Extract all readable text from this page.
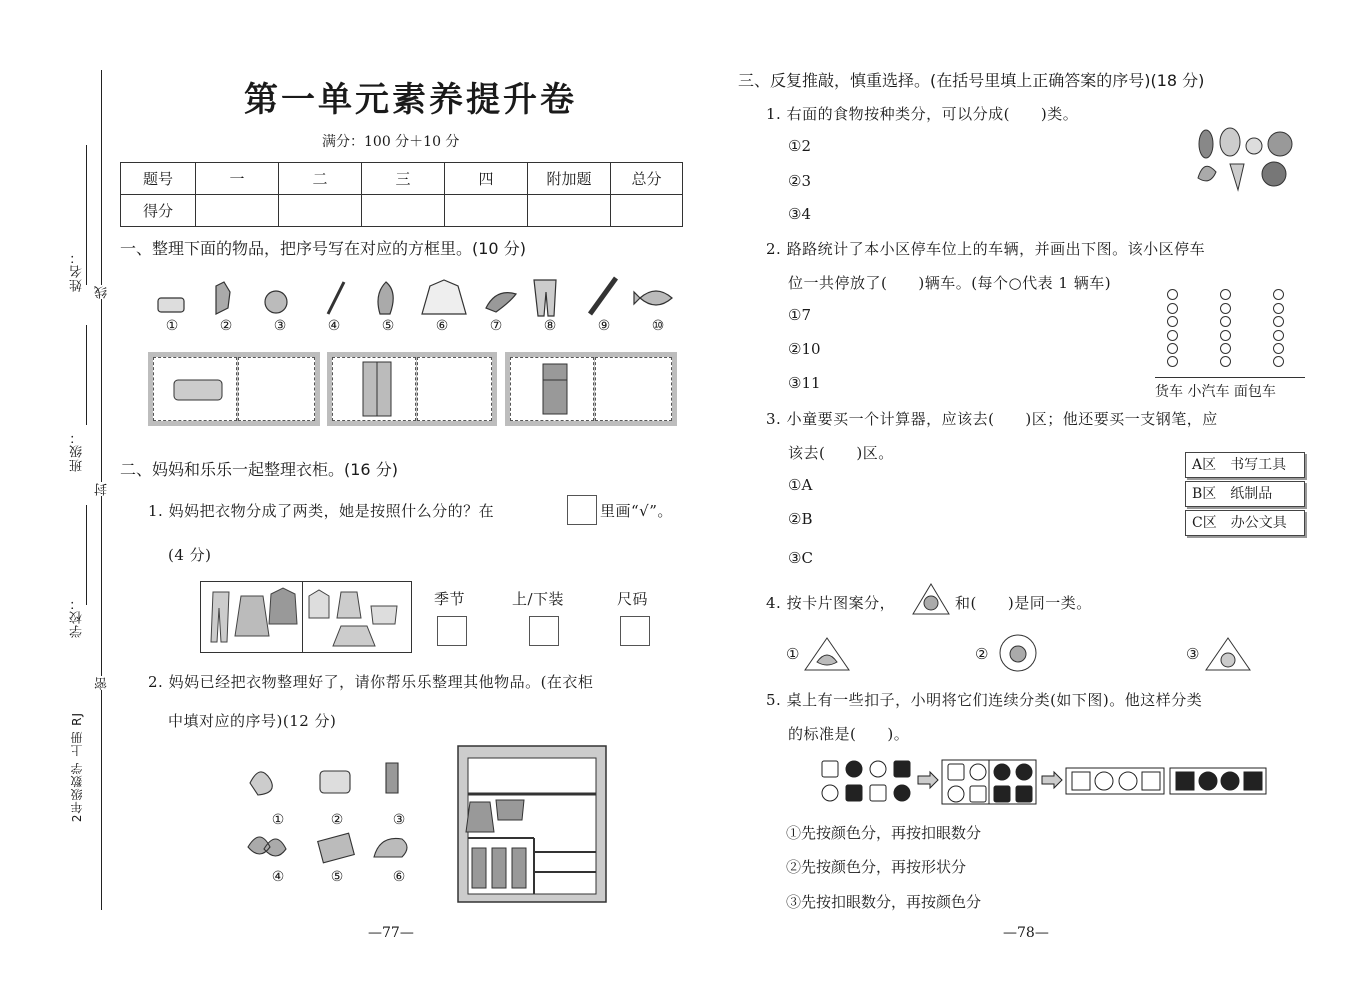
姓名：
班级：
学校：
2年级数学 上册 RJ
线
封
密
第一单元素养提升卷
满分：100 分＋10 分
题号	一	二	三	四	附加题	总分
得分						
一、整理下面的物品，把序号写在对应的方框里。(10 分)
①	②	③	④	⑤	⑥	⑦	⑧	⑨	⑩
二、妈妈和乐乐一起整理衣柜。(16 分)
1. 妈妈把衣物分成了两类，她是按照什么分的？在	里画“√”。
(4 分)
季节	上/下装	尺码
2. 妈妈已经把衣物整理好了，请你帮乐乐整理其他物品。(在衣柜
中填对应的序号)(12 分)
①	②	③
④	⑤	⑥
—77—
三、反复推敲，慎重选择。(在括号里填上正确答案的序号)(18 分)
1. 右面的食物按种类分，可以分成(　　)类。
①2
②3
③4
2. 路路统计了本小区停车位上的车辆，并画出下图。该小区停车
位一共停放了(　　)辆车。(每个○代表 1 辆车)
①7
②10
③11	货车 小汽车 面包车
3. 小童要买一个计算器，应该去(　　)区；他还要买一支钢笔，应
该去(　　)区。
①A
②B
③C
A区　书写工具
B区　纸制品
C区　办公文具
4. 按卡片图案分，	和(　　)是同一类。
①	②	③
5. 桌上有一些扣子，小明将它们连续分类(如下图)。他这样分类
的标准是(　　)。
①先按颜色分，再按扣眼数分
②先按颜色分，再按形状分
③先按扣眼数分，再按颜色分
—78—
